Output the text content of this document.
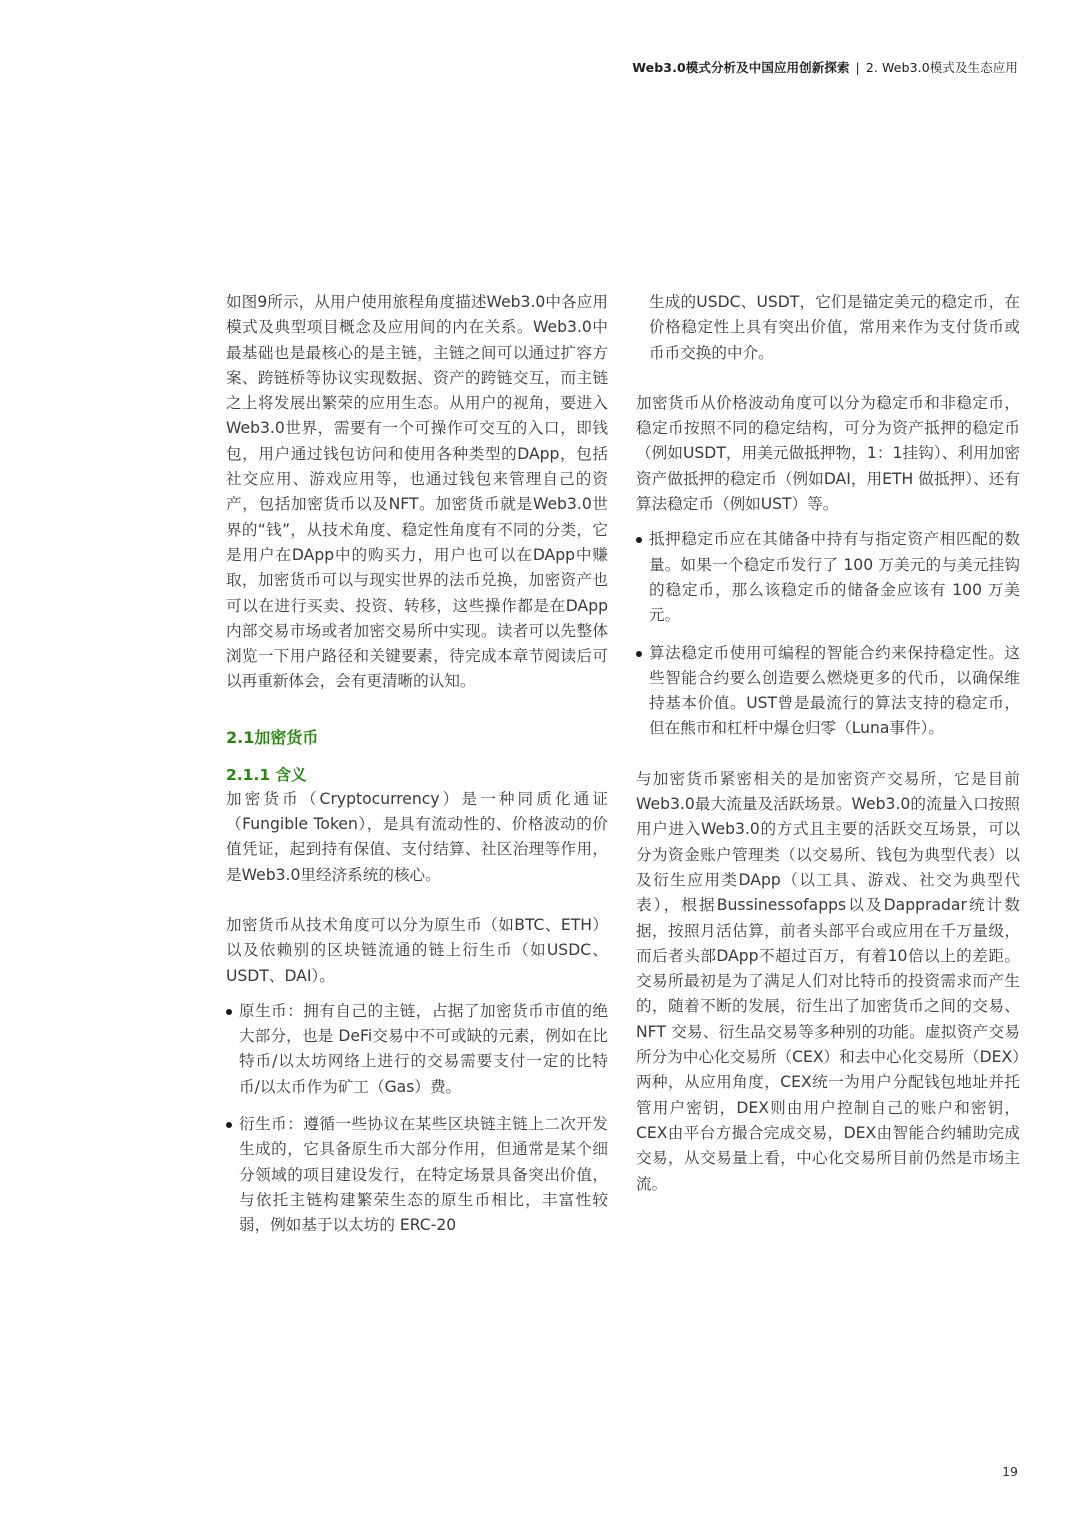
Web3.0模式分析及中国应用创新探索 | 2. Web3.0模式及生态应用

如图9所示，从用户使用旅程角度描述Web3.0中各应用模式及典型项目概念及应用间的内在关系。Web3.0中最基础也是最核心的是主链，主链之间可以通过扩容方案、跨链桥等协议实现数据、资产的跨链交互，而主链之上将发展出繁荣的应用生态。从用户的视角，要进入Web3.0世界，需要有一个可操作可交互的入口，即钱包，用户通过钱包访问和使用各种类型的DApp，包括社交应用、游戏应用等，也通过钱包来管理自己的资产，包括加密货币以及NFT。加密货币就是Web3.0世界的“钱”，从技术角度、稳定性角度有不同的分类，它是用户在DApp中的购买力，用户也可以在DApp中赚取，加密货币可以与现实世界的法币兑换，加密资产也可以在进行买卖、投资、转移，这些操作都是在DApp内部交易市场或者加密交易所中实现。读者可以先整体浏览一下用户路径和关键要素，待完成本章节阅读后可以再重新体会，会有更清晰的认知。

2.1加密货币
2.1.1 含义

加密货币（Cryptocurrency）是一种同质化通证（Fungible Token），是具有流动性的、价格波动的价值凭证，起到持有保值、支付结算、社区治理等作用，是Web3.0里经济系统的核心。

加密货币从技术角度可以分为原生币（如BTC、ETH）以及依赖别的区块链流通的链上衍生币（如USDC、USDT、DAI）。

原生币：拥有自己的主链，占据了加密货币市值的绝大部分，也是 DeFi交易中不可或缺的元素，例如在比特币/以太坊网络上进行的交易需要支付一定的比特币/以太币作为矿工（Gas）费。

衍生币：遵循一些协议在某些区块链主链上二次开发生成的，它具备原生币大部分作用，但通常是某个细分领域的项目建设发行，在特定场景具备突出价值，与依托主链构建繁荣生态的原生币相比，丰富性较弱，例如基于以太坊的 ERC-20

生成的USDC、USDT，它们是锚定美元的稳定币，在价格稳定性上具有突出价值，常用来作为支付货币或币币交换的中介。

加密货币从价格波动角度可以分为稳定币和非稳定币，稳定币按照不同的稳定结构，可分为资产抵押的稳定币（例如USDT，用美元做抵押物，1：1挂钩）、利用加密资产做抵押的稳定币（例如DAI，用ETH 做抵押）、还有算法稳定币（例如UST）等。

抵押稳定币应在其储备中持有与指定资产相匹配的数量。如果一个稳定币发行了 100 万美元的与美元挂钩的稳定币，那么该稳定币的储备金应该有 100 万美元。

算法稳定币使用可编程的智能合约来保持稳定性。这些智能合约要么创造要么燃烧更多的代币，以确保维持基本价值。UST曾是最流行的算法支持的稳定币，但在熊市和杠杆中爆仓归零（Luna事件）。

与加密货币紧密相关的是加密资产交易所，它是目前Web3.0最大流量及活跃场景。Web3.0的流量入口按照用户进入Web3.0的方式且主要的活跃交互场景，可以分为资金账户管理类（以交易所、钱包为典型代表）以及衍生应用类DApp（以工具、游戏、社交为典型代表），根据Bussinessofapps以及Dappradar统计数据，按照月活估算，前者头部平台或应用在千万量级，而后者头部DApp不超过百万，有着10倍以上的差距。交易所最初是为了满足人们对比特币的投资需求而产生的，随着不断的发展，衍生出了加密货币之间的交易、NFT 交易、衍生品交易等多种别的功能。虚拟资产交易所分为中心化交易所（CEX）和去中心化交易所（DEX）两种，从应用角度，CEX统一为用户分配钱包地址并托管用户密钥，DEX则由用户控制自己的账户和密钥，CEX由平台方撮合完成交易，DEX由智能合约辅助完成交易，从交易量上看，中心化交易所目前仍然是市场主流。

19
